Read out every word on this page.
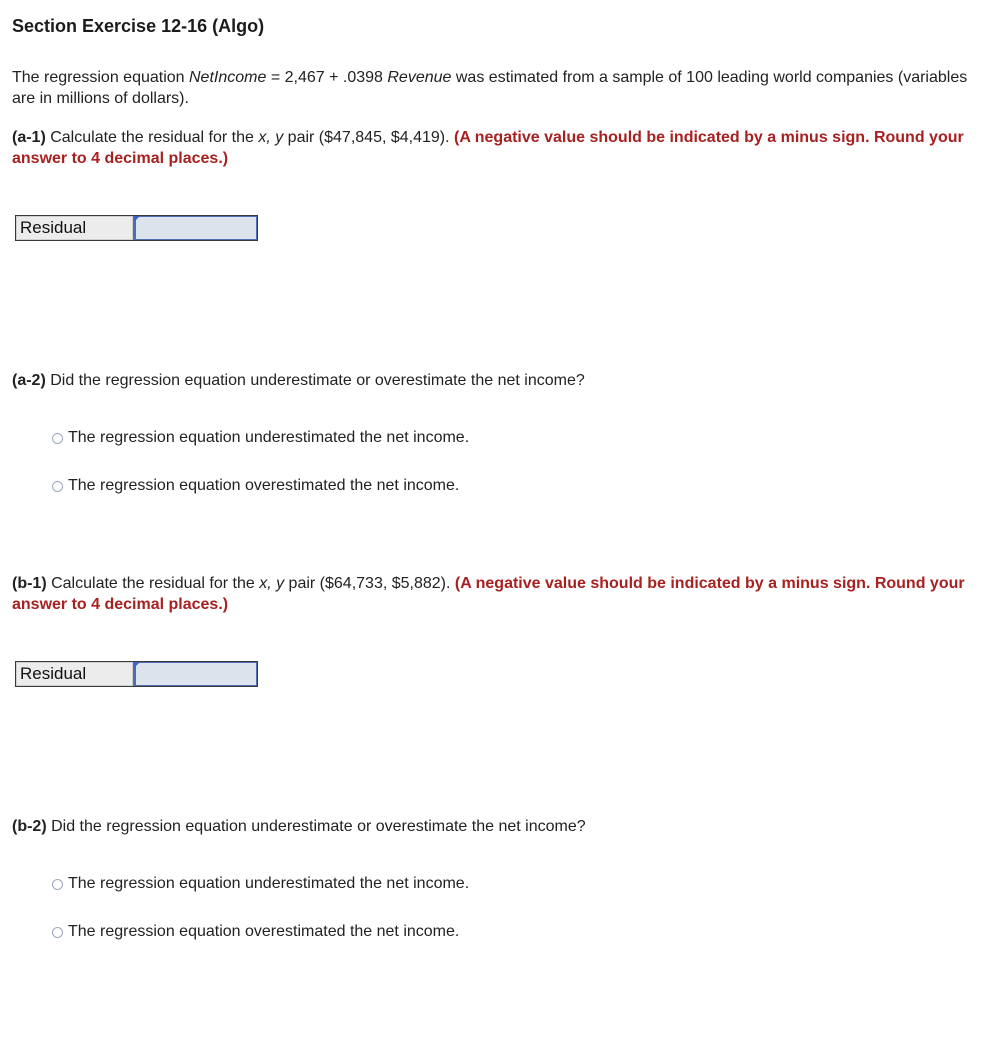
Section Exercise 12-16 (Algo)
The regression equation NetIncome = 2,467 + .0398 Revenue was estimated from a sample of 100 leading world companies (variables are in millions of dollars).
(a-1) Calculate the residual for the x, y pair ($47,845, $4,419). (A negative value should be indicated by a minus sign. Round your answer to 4 decimal places.)
Residual
(a-2) Did the regression equation underestimate or overestimate the net income?
The regression equation underestimated the net income.
The regression equation overestimated the net income.
(b-1) Calculate the residual for the x, y pair ($64,733, $5,882). (A negative value should be indicated by a minus sign. Round your answer to 4 decimal places.)
Residual
(b-2) Did the regression equation underestimate or overestimate the net income?
The regression equation underestimated the net income.
The regression equation overestimated the net income.
